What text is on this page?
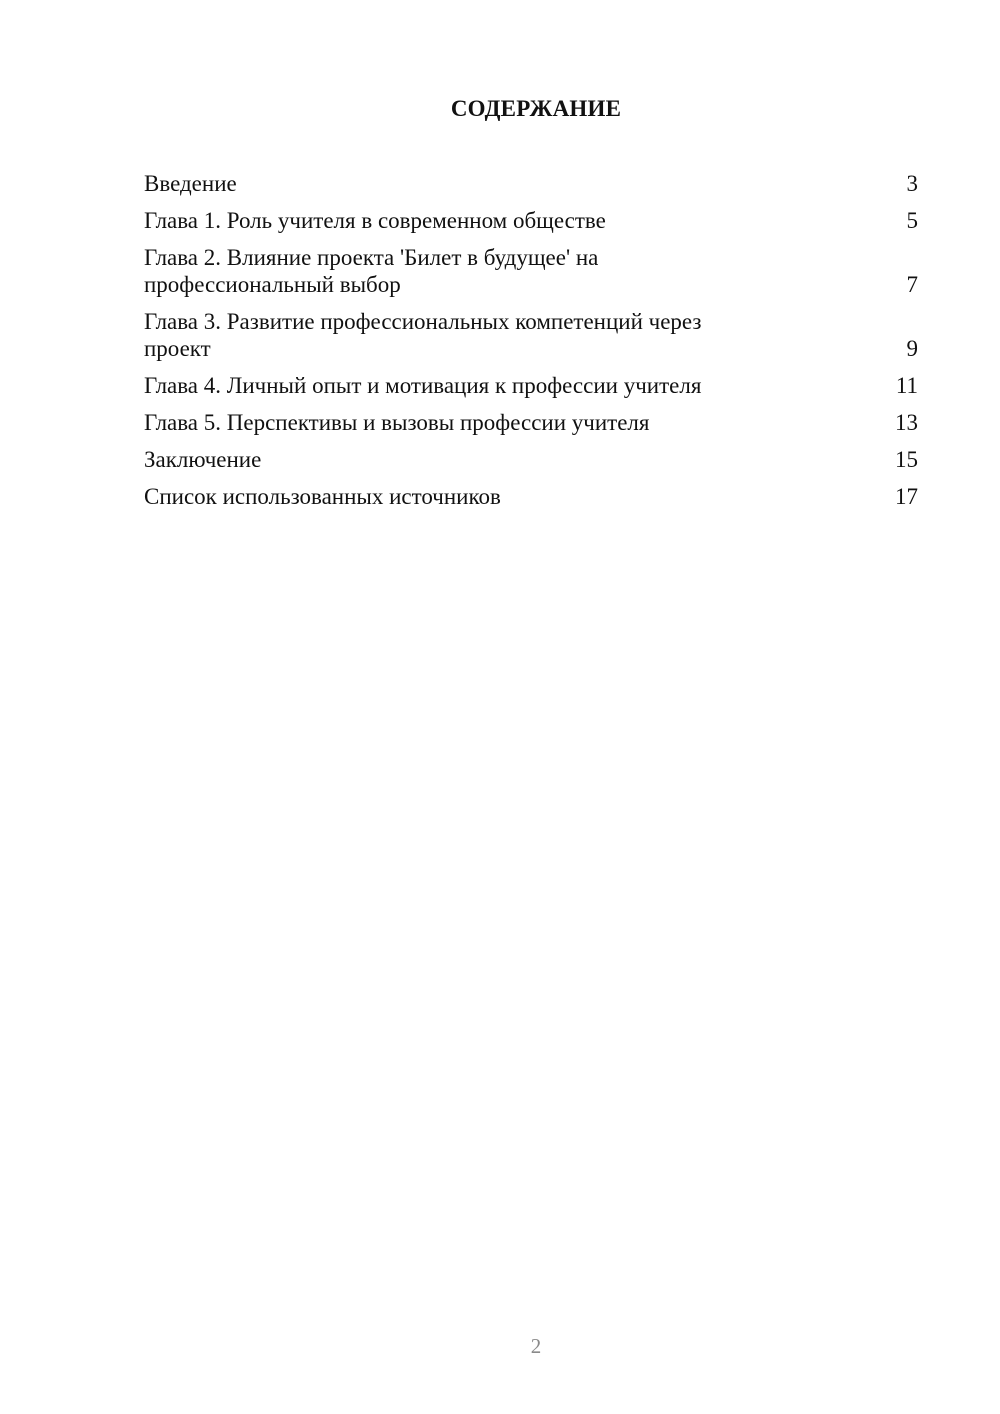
СОДЕРЖАНИЕ
Введение	3
Глава 1. Роль учителя в современном обществе	5
Глава 2. Влияние проекта 'Билет в будущее' на профессиональный выбор	7
Глава 3. Развитие профессиональных компетенций через проект	9
Глава 4. Личный опыт и мотивация к профессии учителя	11
Глава 5. Перспективы и вызовы профессии учителя	13
Заключение	15
Список использованных источников	17
2
